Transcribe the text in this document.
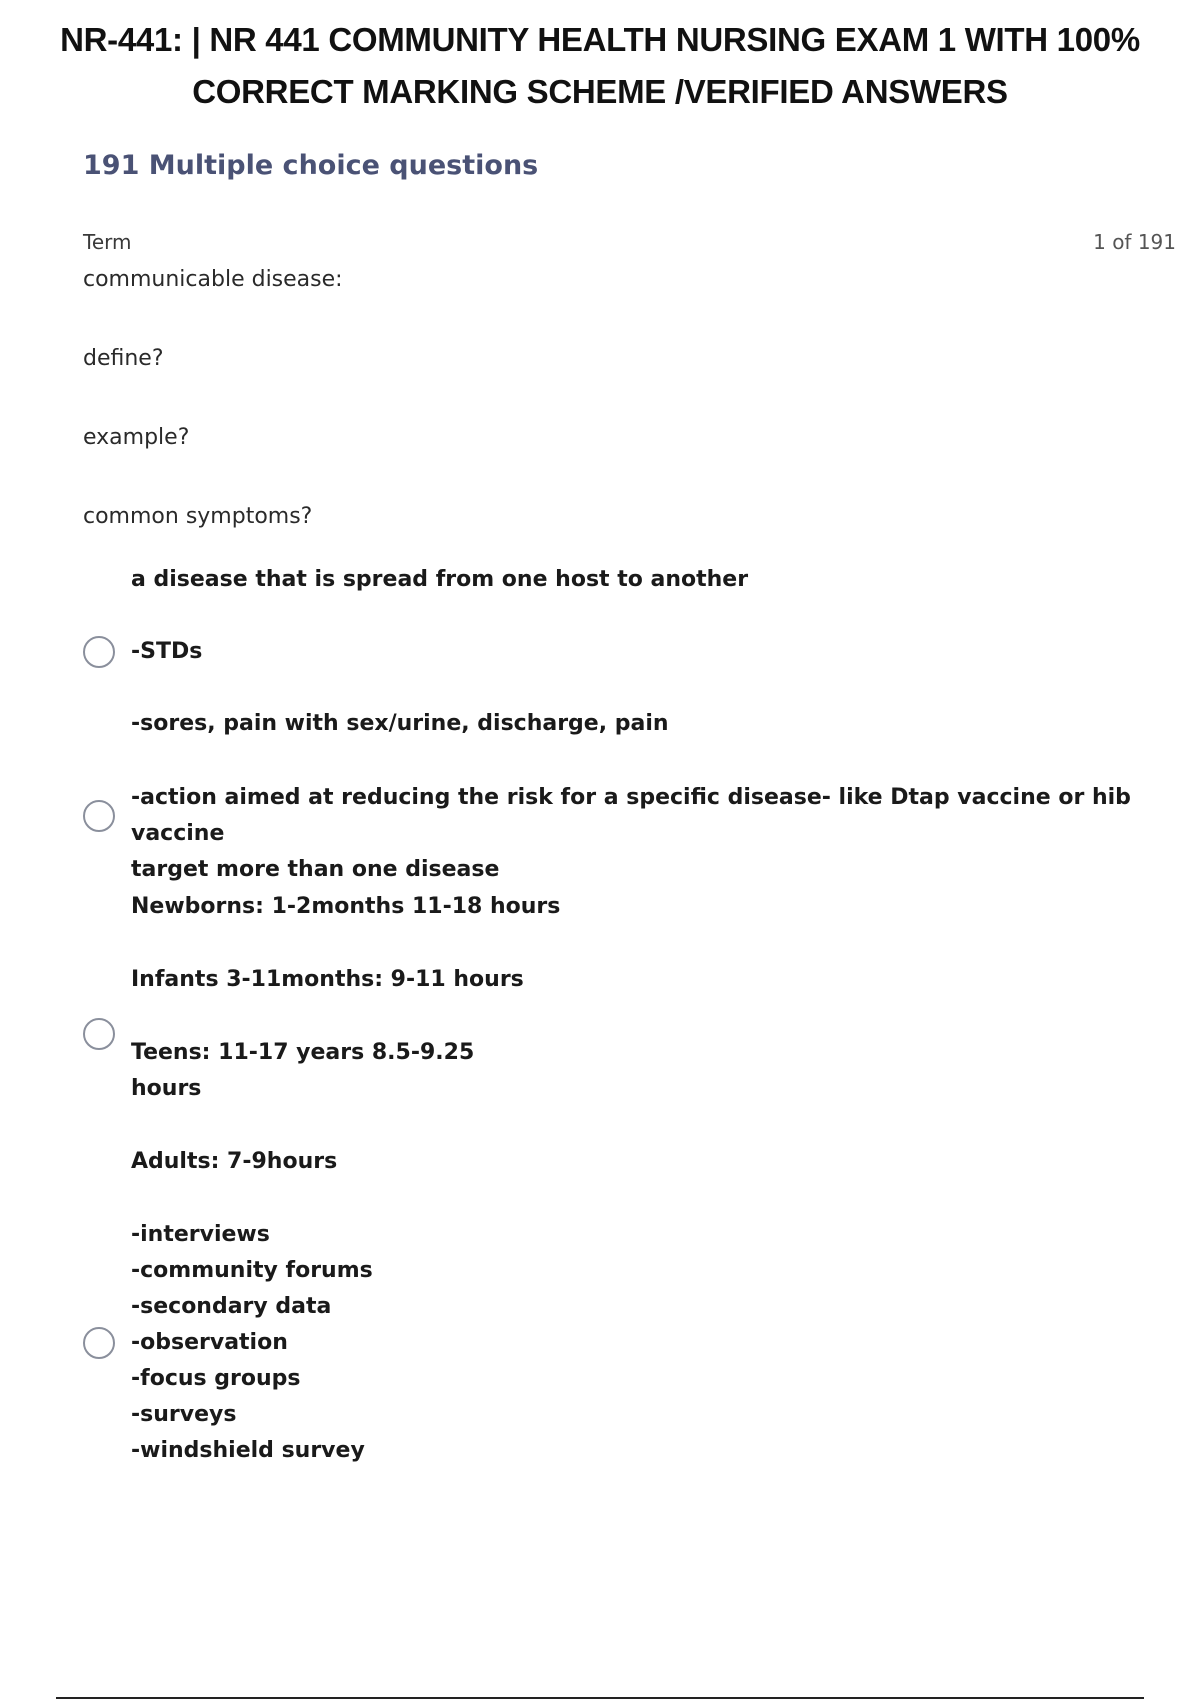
NR-441: | NR 441 COMMUNITY HEALTH NURSING EXAM 1 WITH 100% CORRECT MARKING SCHEME /VERIFIED ANSWERS
191 Multiple choice questions
Term	1 of 191
communicable disease:
define?
example?
common symptoms?
a disease that is spread from one host to another
-STDs
-sores, pain with sex/urine, discharge, pain
-action aimed at reducing the risk for a specific disease- like Dtap vaccine or hib vaccine
target more than one disease
Newborns: 1-2months 11-18 hours
Infants 3-11months: 9-11 hours
Teens: 11-17 years 8.5-9.25
hours
Adults: 7-9hours
-interviews
-community forums
-secondary data
-observation
-focus groups
-surveys
-windshield survey
